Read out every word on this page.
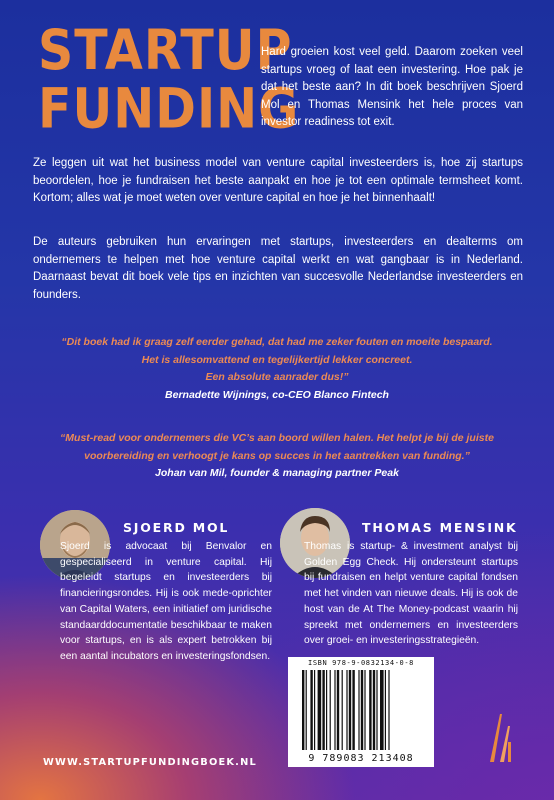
STARTUP
FUNDING
Hard groeien kost veel geld. Daarom zoeken veel startups vroeg of laat een investering. Hoe pak je dat het beste aan? In dit boek beschrijven Sjoerd Mol en Thomas Mensink het hele proces van investor readiness tot exit.
Ze leggen uit wat het business model van venture capital investeerders is, hoe zij startups beoordelen, hoe je fundraisen het beste aanpakt en hoe je tot een optimale termsheet komt. Kortom; alles wat je moet weten over venture capital en hoe je het binnenhaalt!
De auteurs gebruiken hun ervaringen met startups, investeerders en dealterms om ondernemers te helpen met hoe venture capital werkt en wat gangbaar is in Nederland. Daarnaast bevat dit boek vele tips en inzichten van succesvolle Nederlandse investeerders en founders.
“Dit boek had ik graag zelf eerder gehad, dat had me zeker fouten en moeite bespaard.
Het is allesomvattend en tegelijkertijd lekker concreet.
Een absolute aanrader dus!”
Bernadette Wijnings, co-CEO Blanco Fintech
“Must-read voor ondernemers die VC’s aan boord willen halen. Het helpt je bij de juiste
voorbereiding en verhoogt je kans op succes in het aantrekken van funding.”
Johan van Mil, founder & managing partner Peak
SJOERD MOL
Sjoerd is advocaat bij Benvalor en gespecialiseerd in venture capital. Hij begeleidt startups en investeerders bij financieringsrondes. Hij is ook mede-oprichter van Capital Waters, een initiatief om juridische standaarddocumentatie beschikbaar te maken voor startups, en is als expert betrokken bij een aantal incubators en investeringsfondsen.
THOMAS MENSINK
Thomas is startup- & investment analyst bij Golden Egg Check. Hij ondersteunt startups bij fundraisen en helpt venture capital fondsen met het vinden van nieuwe deals. Hij is ook de host van de At The Money-podcast waarin hij spreekt met ondernemers en investeerders over groei- en investeringsstrategieën.
WWW.STARTUPFUNDINGBOEK.NL
ISBN 978-9-0832134-0-8
9 789083 213408
